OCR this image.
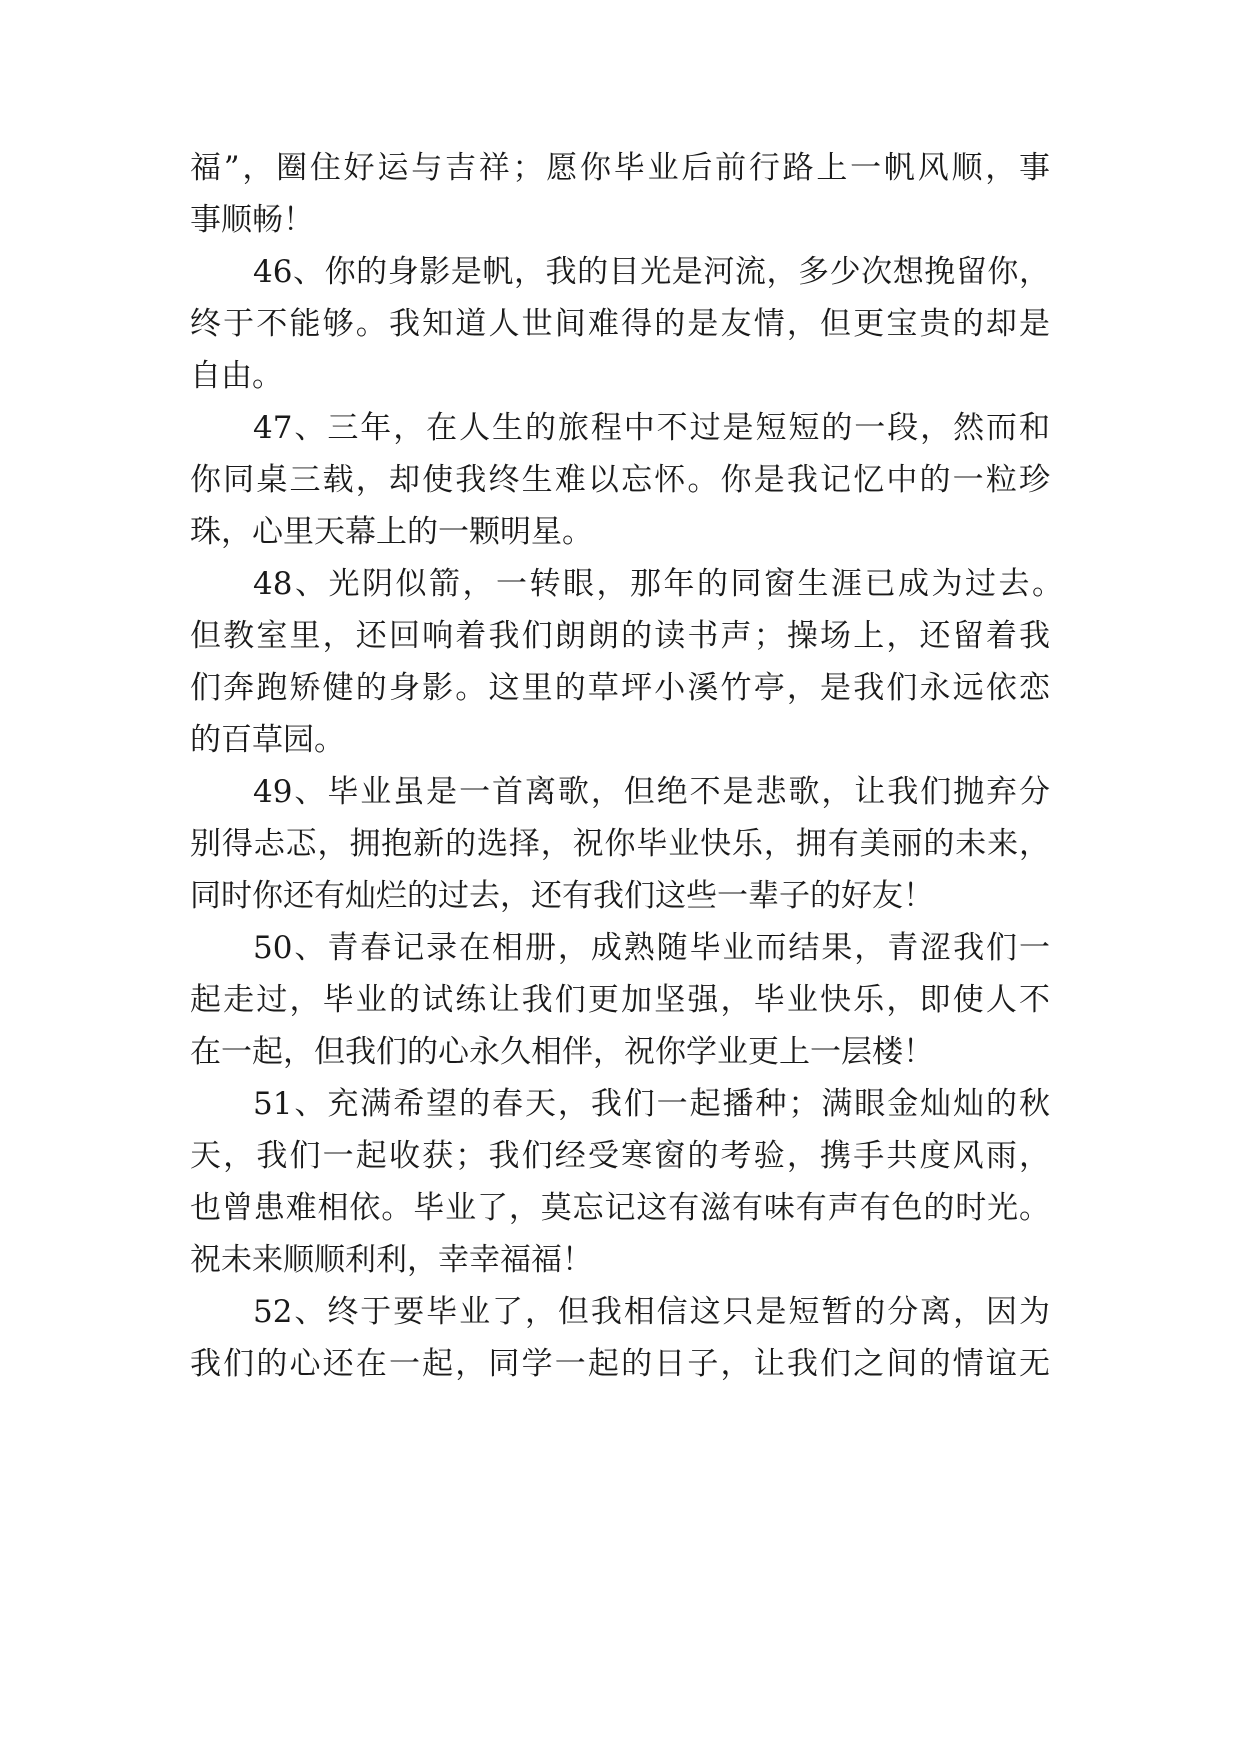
福”，圈住好运与吉祥；愿你毕业后前行路上一帆风顺，事
事顺畅！
46、你的身影是帆，我的目光是河流，多少次想挽留你，
终于不能够。我知道人世间难得的是友情，但更宝贵的却是
自由。
47、三年，在人生的旅程中不过是短短的一段，然而和
你同桌三载，却使我终生难以忘怀。你是我记忆中的一粒珍
珠，心里天幕上的一颗明星。
48、光阴似箭，一转眼，那年的同窗生涯已成为过去。
但教室里，还回响着我们朗朗的读书声；操场上，还留着我
们奔跑矫健的身影。这里的草坪小溪竹亭，是我们永远依恋
的百草园。
49、毕业虽是一首离歌，但绝不是悲歌，让我们抛弃分
别得忐忑，拥抱新的选择，祝你毕业快乐，拥有美丽的未来，
同时你还有灿烂的过去，还有我们这些一辈子的好友！
50、青春记录在相册，成熟随毕业而结果，青涩我们一
起走过，毕业的试练让我们更加坚强，毕业快乐，即使人不
在一起，但我们的心永久相伴，祝你学业更上一层楼！
51、充满希望的春天，我们一起播种；满眼金灿灿的秋
天，我们一起收获；我们经受寒窗的考验，携手共度风雨，
也曾患难相依。毕业了，莫忘记这有滋有味有声有色的时光。
祝未来顺顺利利，幸幸福福！
52、终于要毕业了，但我相信这只是短暂的分离，因为
我们的心还在一起，同学一起的日子，让我们之间的情谊无
